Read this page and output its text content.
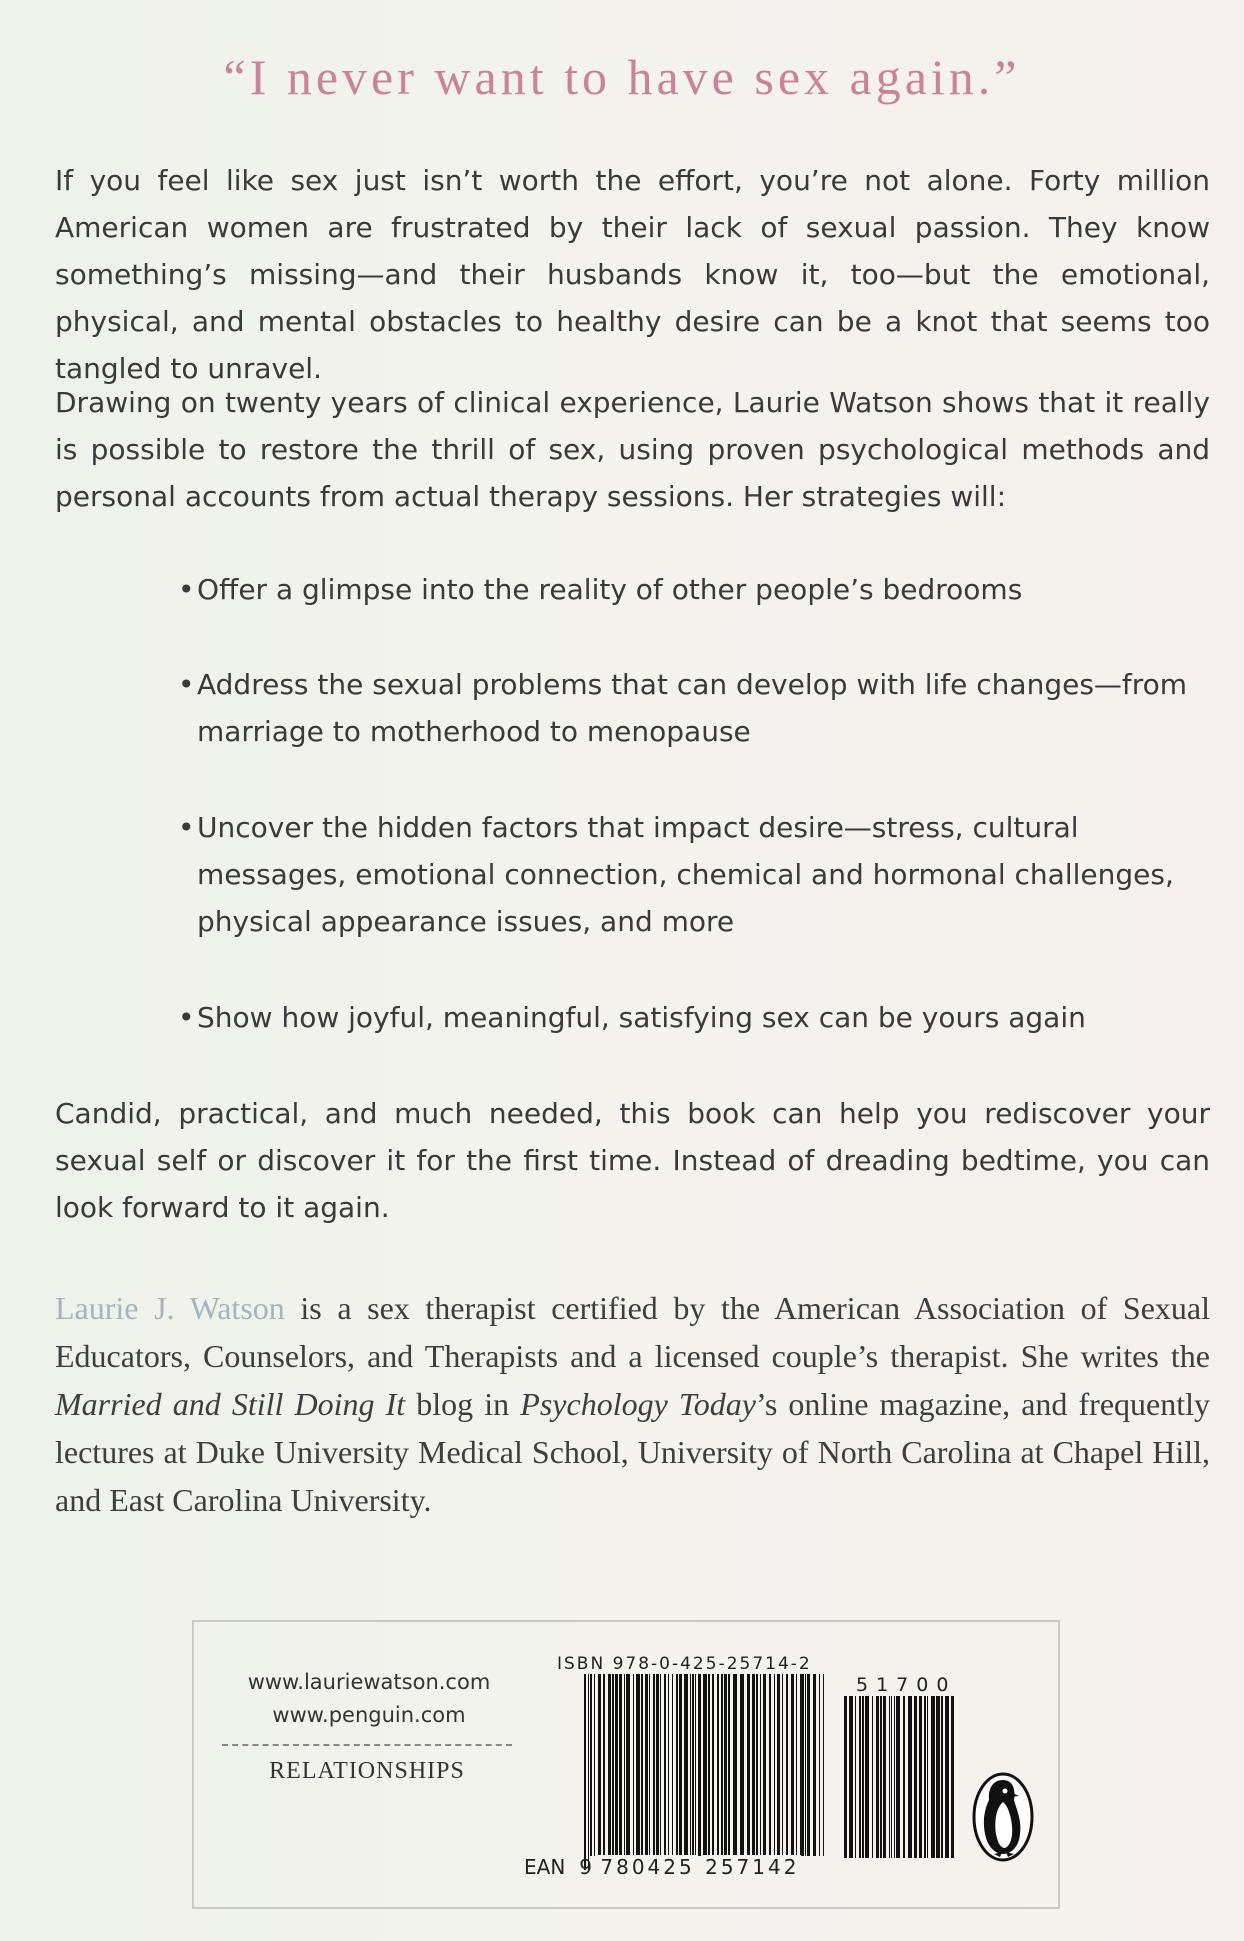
“I never want to have sex again.”

If you feel like sex just isn’t worth the effort, you’re not alone. Forty million American women are frustrated by their lack of sexual passion. They know something’s missing—and their husbands know it, too—but the emotional, physical, and mental obstacles to healthy desire can be a knot that seems too tangled to unravel.

Drawing on twenty years of clinical experience, Laurie Watson shows that it really is possible to restore the thrill of sex, using proven psychological methods and personal accounts from actual therapy sessions. Her strategies will:

• Offer a glimpse into the reality of other people’s bedrooms
• Address the sexual problems that can develop with life changes—from marriage to motherhood to menopause
• Uncover the hidden factors that impact desire—stress, cultural messages, emotional connection, chemical and hormonal challenges, physical appearance issues, and more
• Show how joyful, meaningful, satisfying sex can be yours again

Candid, practical, and much needed, this book can help you rediscover your sexual self or discover it for the first time. Instead of dreading bedtime, you can look forward to it again.

Laurie J. Watson is a sex therapist certified by the American Association of Sexual Educators, Counselors, and Therapists and a licensed couple’s therapist. She writes the Married and Still Doing It blog in Psychology Today’s online magazine, and frequently lectures at Duke University Medical School, University of North Carolina at Chapel Hill, and East Carolina University.

www.lauriewatson.com
www.penguin.com
RELATIONSHIPS
ISBN 978-0-425-25714-2
51700
EAN 9 780425 257142
